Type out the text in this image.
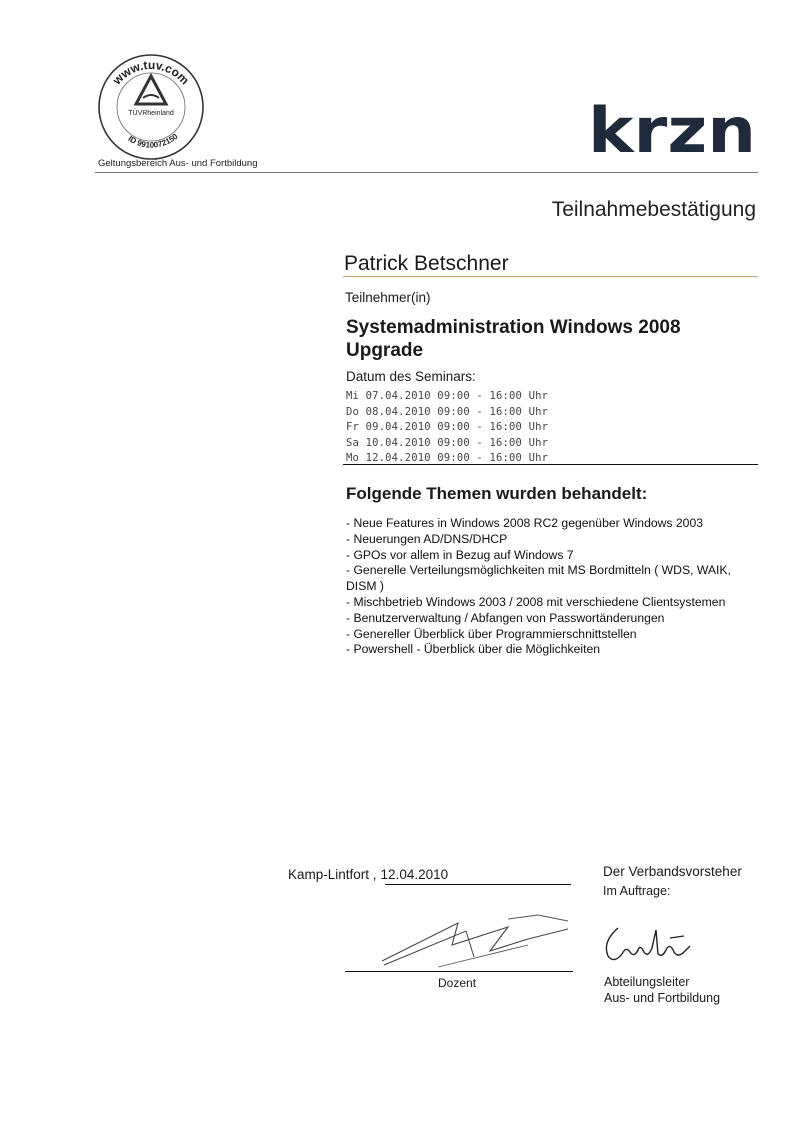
www.tuv.com
ID 9910072150
TÜVRheinland
Geltungsbereich Aus- und Fortbildung	krzn
Teilnahmebestätigung
Patrick Betschner
Teilnehmer(in)
Systemadministration Windows 2008 Upgrade
Datum des Seminars:
Mi 07.04.2010 09:00 - 16:00 Uhr
Do 08.04.2010 09:00 - 16:00 Uhr
Fr 09.04.2010 09:00 - 16:00 Uhr
Sa 10.04.2010 09:00 - 16:00 Uhr
Mo 12.04.2010 09:00 - 16:00 Uhr
Folgende Themen wurden behandelt:
- Neue Features in Windows 2008 RC2 gegenüber Windows 2003
- Neuerungen AD/DNS/DHCP
- GPOs vor allem in Bezug auf Windows 7
- Generelle Verteilungsmöglichkeiten mit MS Bordmitteln ( WDS, WAIK, DISM )
- Mischbetrieb Windows 2003 / 2008 mit verschiedene Clientsystemen
- Benutzerverwaltung / Abfangen von Passwortänderungen
- Genereller Überblick über Programmierschnittstellen
- Powershell - Überblick über die Möglichkeiten
Kamp-Lintfort , 12.04.2010
Dozent
Der Verbandsvorsteher
Im Auftrage:
Abteilungsleiter
Aus- und Fortbildung
